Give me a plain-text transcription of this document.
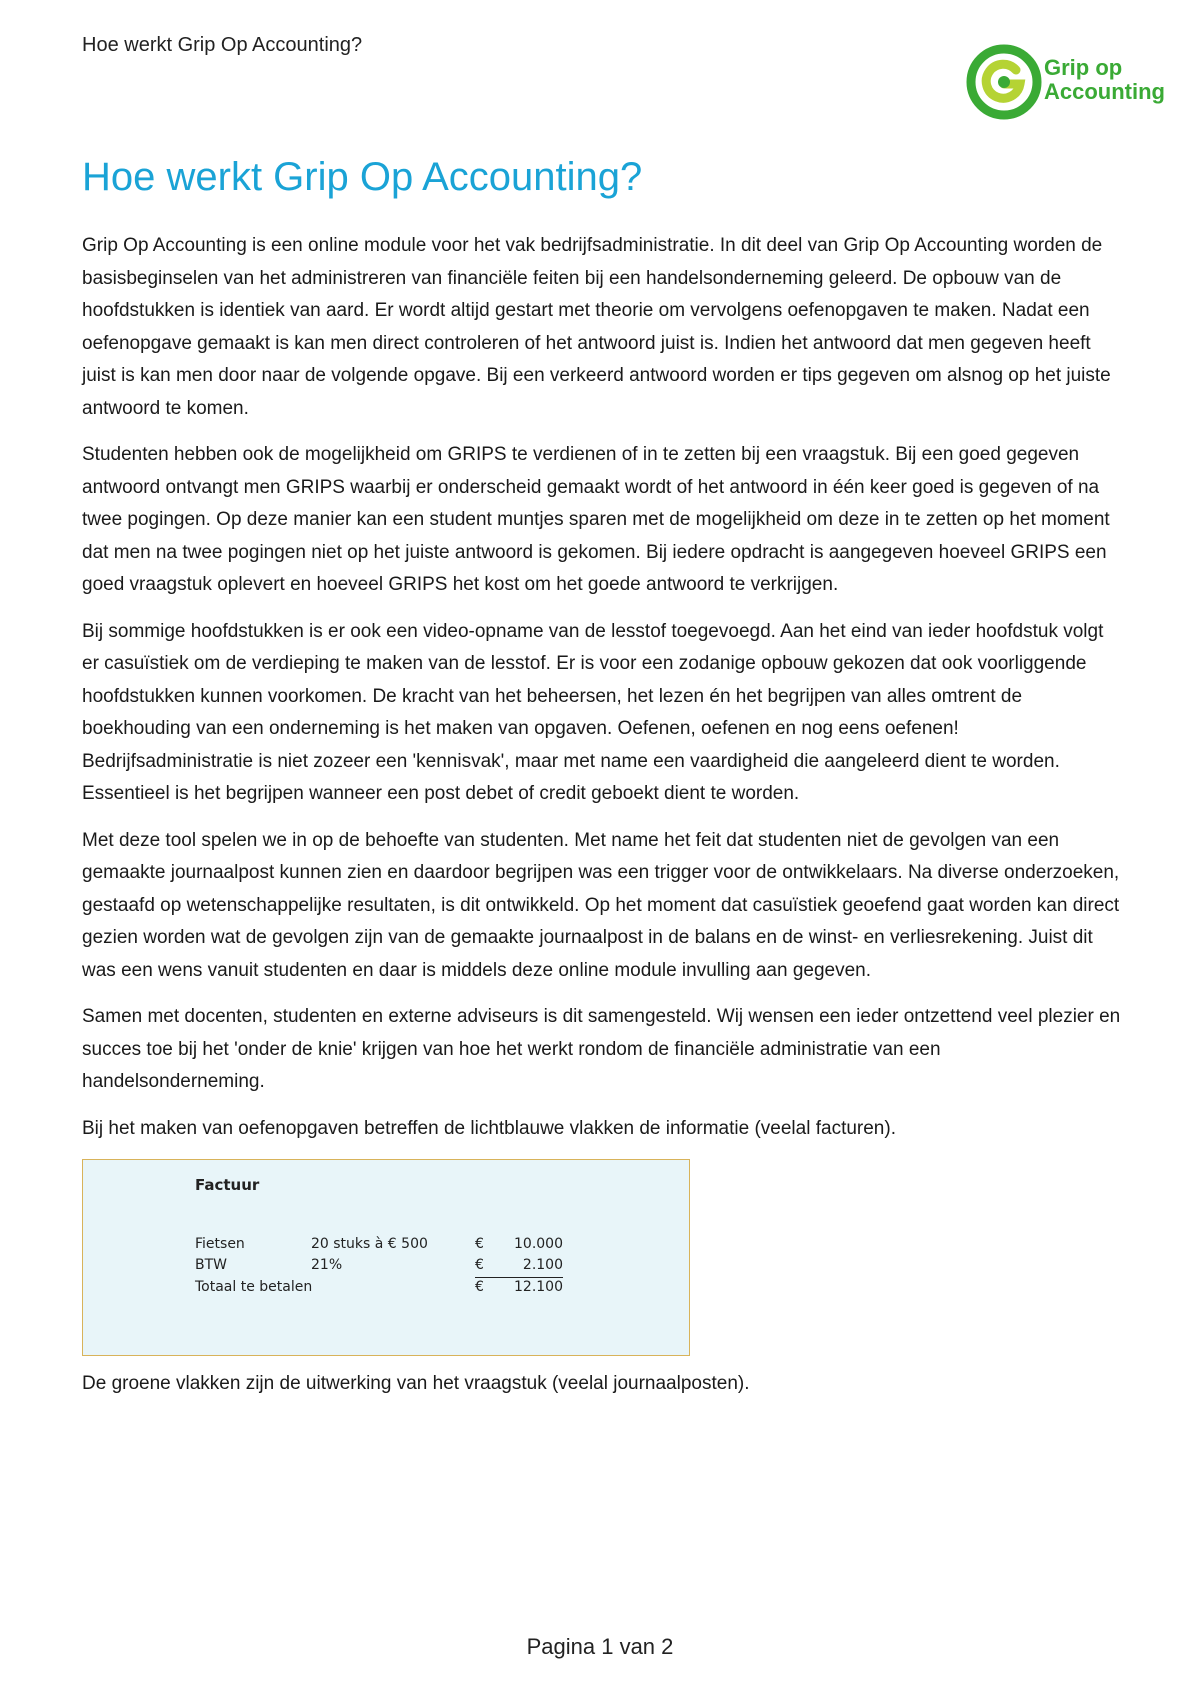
Hoe werkt Grip Op Accounting?
Grip op
Accounting
Hoe werkt Grip Op Accounting?

Grip Op Accounting is een online module voor het vak bedrijfsadministratie. In dit deel van Grip Op Accounting worden de basisbeginselen van het administreren van financiële feiten bij een handelsonderneming geleerd. De opbouw van de hoofdstukken is identiek van aard. Er wordt altijd gestart met theorie om vervolgens oefenopgaven te maken. Nadat een oefenopgave gemaakt is kan men direct controleren of het antwoord juist is. Indien het antwoord dat men gegeven heeft juist is kan men door naar de volgende opgave. Bij een verkeerd antwoord worden er tips gegeven om alsnog op het juiste antwoord te komen.

Studenten hebben ook de mogelijkheid om GRIPS te verdienen of in te zetten bij een vraagstuk. Bij een goed gegeven antwoord ontvangt men GRIPS waarbij er onderscheid gemaakt wordt of het antwoord in één keer goed is gegeven of na twee pogingen. Op deze manier kan een student muntjes sparen met de mogelijkheid om deze in te zetten op het moment dat men na twee pogingen niet op het juiste antwoord is gekomen. Bij iedere opdracht is aangegeven hoeveel GRIPS een goed vraagstuk oplevert en hoeveel GRIPS het kost om het goede antwoord te verkrijgen.

Bij sommige hoofdstukken is er ook een video-opname van de lesstof toegevoegd. Aan het eind van ieder hoofdstuk volgt er casuïstiek om de verdieping te maken van de lesstof. Er is voor een zodanige opbouw gekozen dat ook voorliggende hoofdstukken kunnen voorkomen. De kracht van het beheersen, het lezen én het begrijpen van alles omtrent de boekhouding van een onderneming is het maken van opgaven. Oefenen, oefenen en nog eens oefenen! Bedrijfsadministratie is niet zozeer een 'kennisvak', maar met name een vaardigheid die aangeleerd dient te worden. Essentieel is het begrijpen wanneer een post debet of credit geboekt dient te worden.

Met deze tool spelen we in op de behoefte van studenten. Met name het feit dat studenten niet de gevolgen van een gemaakte journaalpost kunnen zien en daardoor begrijpen was een trigger voor de ontwikkelaars. Na diverse onderzoeken, gestaafd op wetenschappelijke resultaten, is dit ontwikkeld. Op het moment dat casuïstiek geoefend gaat worden kan direct gezien worden wat de gevolgen zijn van de gemaakte journaalpost in de balans en de winst- en verliesrekening. Juist dit was een wens vanuit studenten en daar is middels deze online module invulling aan gegeven.

Samen met docenten, studenten en externe adviseurs is dit samengesteld. Wij wensen een ieder ontzettend veel plezier en succes toe bij het 'onder de knie' krijgen van hoe het werkt rondom de financiële administratie van een handelsonderneming.

Bij het maken van oefenopgaven betreffen de lichtblauwe vlakken de informatie (veelal facturen).

Factuur
Fietsen	20 stuks à € 500	€	10.000
BTW	21%	€	2.100
Totaal te betalen	€	12.100

De groene vlakken zijn de uitwerking van het vraagstuk (veelal journaalposten).

Pagina 1 van 2
